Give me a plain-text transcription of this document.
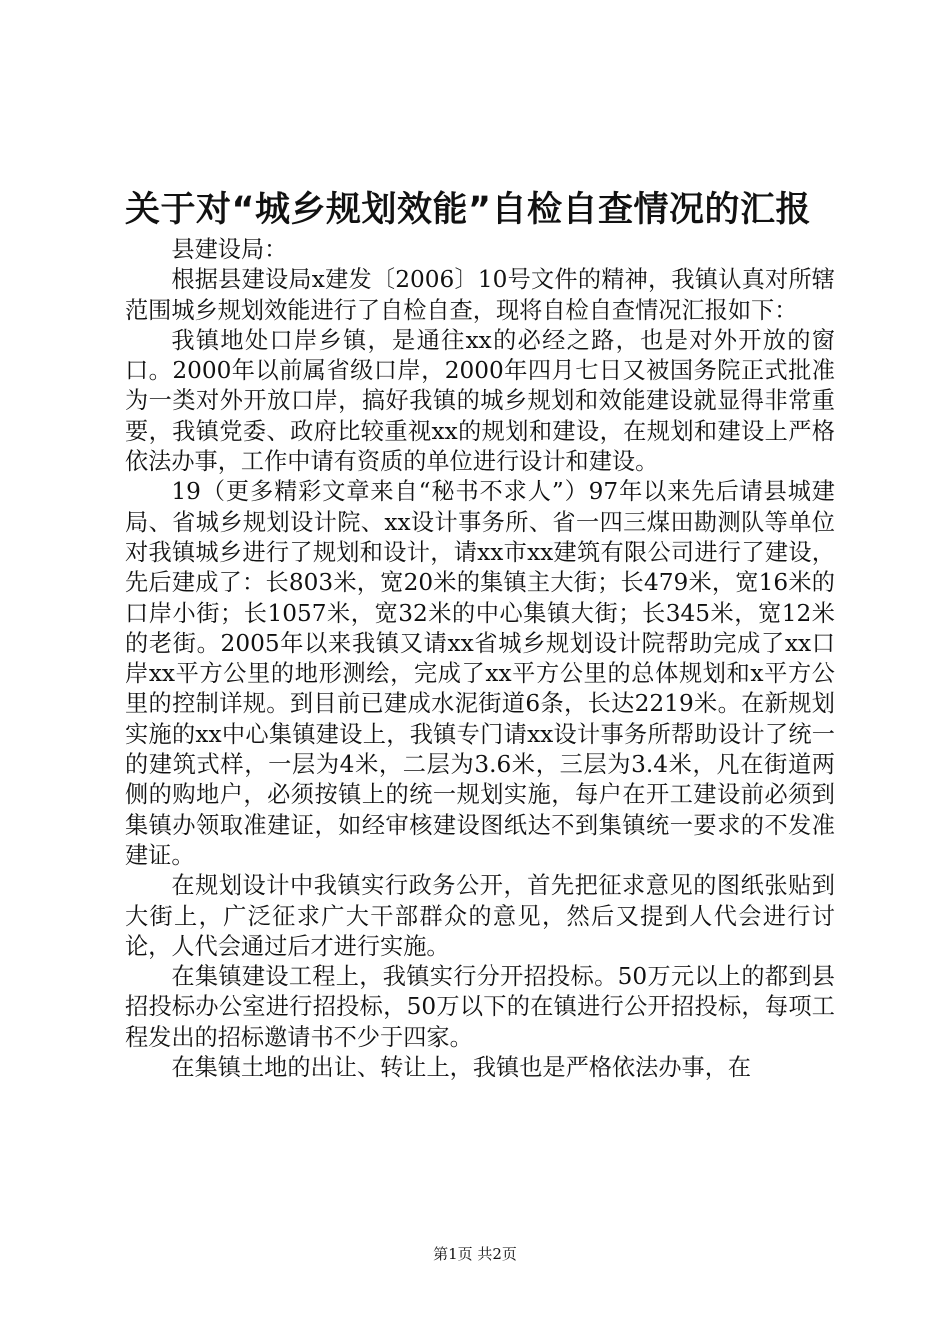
关于对“城乡规划效能”自检自查情况的汇报

县建设局：

根据县建设局x建发〔2006〕10号文件的精神，我镇认真对所辖范围城乡规划效能进行了自检自查，现将自检自查情况汇报如下：

我镇地处口岸乡镇，是通往xx的必经之路，也是对外开放的窗口。2000年以前属省级口岸，2000年四月七日又被国务院正式批准为一类对外开放口岸，搞好我镇的城乡规划和效能建设就显得非常重要，我镇党委、政府比较重视xx的规划和建设，在规划和建设上严格依法办事，工作中请有资质的单位进行设计和建设。

19（更多精彩文章来自“秘书不求人”）97年以来先后请县城建局、省城乡规划设计院、xx设计事务所、省一四三煤田勘测队等单位对我镇城乡进行了规划和设计，请xx市xx建筑有限公司进行了建设，先后建成了：长803米，宽20米的集镇主大街；长479米，宽16米的口岸小街；长1057米，宽32米的中心集镇大街；长345米，宽12米的老街。2005年以来我镇又请xx省城乡规划设计院帮助完成了xx口岸xx平方公里的地形测绘，完成了xx平方公里的总体规划和x平方公里的控制详规。到目前已建成水泥街道6条，长达2219米。在新规划实施的xx中心集镇建设上，我镇专门请xx设计事务所帮助设计了统一的建筑式样，一层为4米，二层为3.6米，三层为3.4米，凡在街道两侧的购地户，必须按镇上的统一规划实施，每户在开工建设前必须到集镇办领取准建证，如经审核建设图纸达不到集镇统一要求的不发准建证。

在规划设计中我镇实行政务公开，首先把征求意见的图纸张贴到大街上，广泛征求广大干部群众的意见，然后又提到人代会进行讨论，人代会通过后才进行实施。

在集镇建设工程上，我镇实行分开招投标。50万元以上的都到县招投标办公室进行招投标，50万以下的在镇进行公开招投标，每项工程发出的招标邀请书不少于四家。

在集镇土地的出让、转让上，我镇也是严格依法办事，在

第1页 共2页
